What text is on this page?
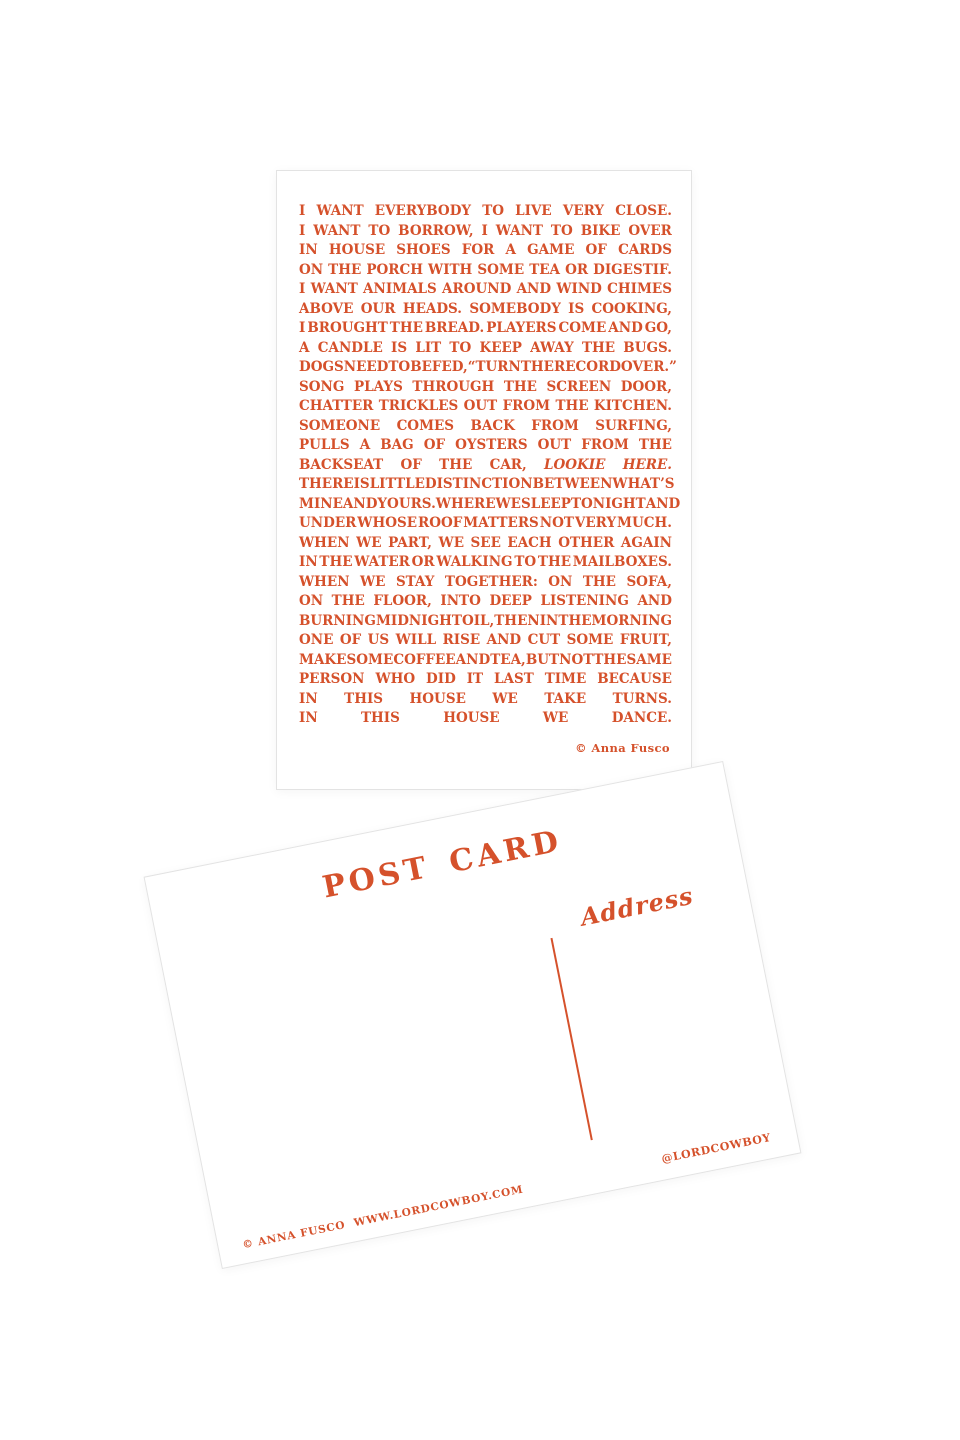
I WANT EVERYBODY TO LIVE VERY CLOSE.
I WANT TO BORROW, I WANT TO BIKE OVER
IN HOUSE SHOES FOR A GAME OF CARDS
ON THE PORCH WITH SOME TEA OR DIGESTIF.
I WANT ANIMALS AROUND AND WIND CHIMES
ABOVE OUR HEADS. SOMEBODY IS COOKING,
I BROUGHT THE BREAD. PLAYERS COME AND GO,
A CANDLE IS LIT TO KEEP AWAY THE BUGS.
DOGS NEED TO BE FED, “TURN THE RECORD OVER.”
SONG PLAYS THROUGH THE SCREEN DOOR,
CHATTER TRICKLES OUT FROM THE KITCHEN.
SOMEONE COMES BACK FROM SURFING,
PULLS A BAG OF OYSTERS OUT FROM THE
BACKSEAT OF THE CAR, LOOKIE HERE.
THERE IS LITTLE DISTINCTION BETWEEN WHAT’S
MINE AND YOURS. WHERE WE SLEEP TONIGHT AND
UNDER WHOSE ROOF MATTERS NOT VERY MUCH.
WHEN WE PART, WE SEE EACH OTHER AGAIN
IN THE WATER OR WALKING TO THE MAILBOXES.
WHEN WE STAY TOGETHER: ON THE SOFA,
ON THE FLOOR, INTO DEEP LISTENING AND
BURNING MIDNIGHT OIL, THEN IN THE MORNING
ONE OF US WILL RISE AND CUT SOME FRUIT,
MAKE SOME COFFEE AND TEA, BUT NOT THE SAME
PERSON WHO DID IT LAST TIME BECAUSE
IN THIS HOUSE WE TAKE TURNS.
IN	THIS	HOUSE	WE	DANCE.
© Anna Fusco
POST CARD
Address
@LORDCOWBOY
© ANNA FUSCO  WWW.LORDCOWBOY.COM
